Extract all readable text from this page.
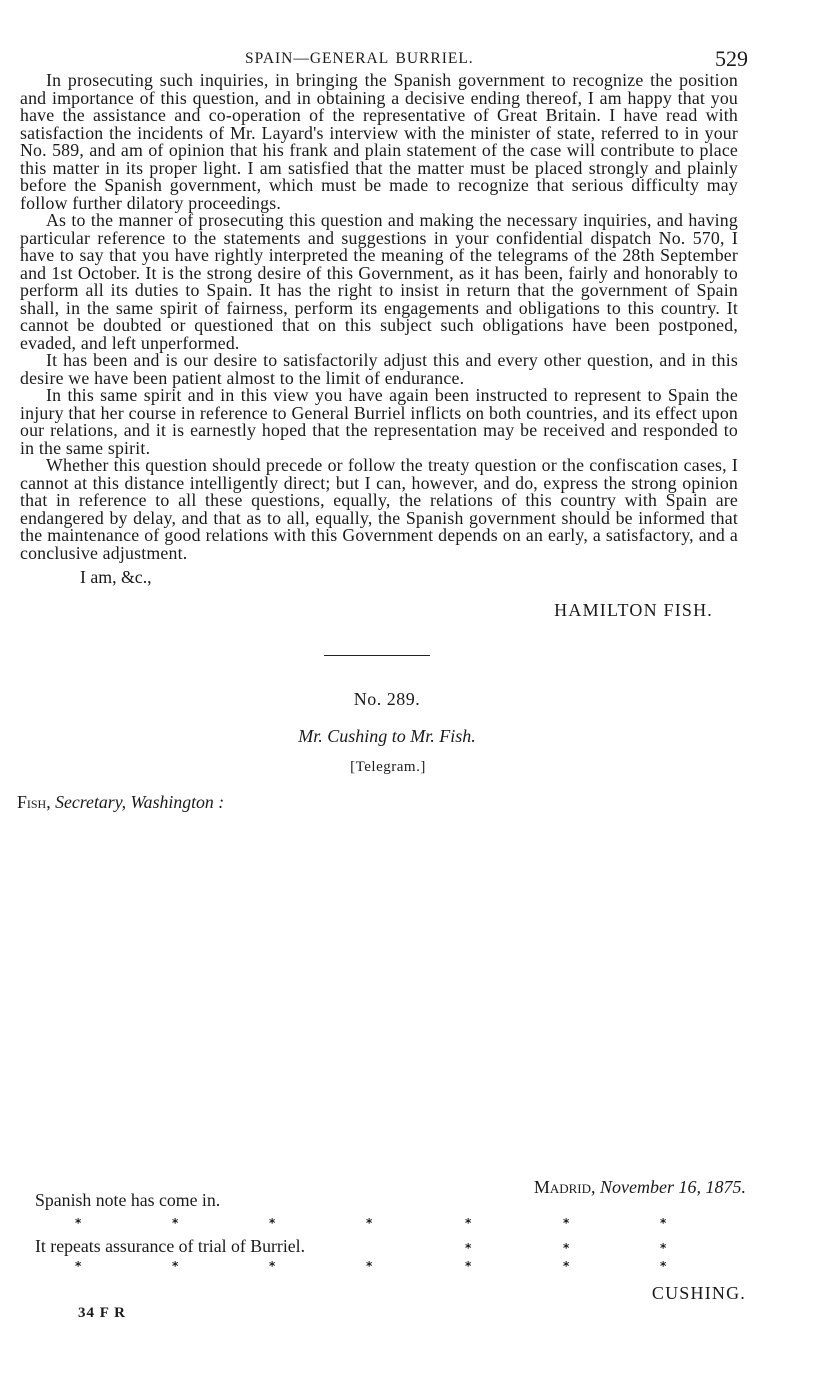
SPAIN—GENERAL BURRIEL.	529

In prosecuting such inquiries, in bringing the Spanish government to recognize the position and importance of this question, and in obtaining a decisive ending thereof, I am happy that you have the assistance and co-operation of the representative of Great Britain. I have read with satisfaction the incidents of Mr. Layard's interview with the minister of state, referred to in your No. 589, and am of opinion that his frank and plain statement of the case will contribute to place this matter in its proper light. I am satisfied that the matter must be placed strongly and plainly before the Spanish government, which must be made to recognize that serious difficulty may follow further dilatory proceedings.

As to the manner of prosecuting this question and making the necessary inquiries, and having particular reference to the statements and suggestions in your confidential dispatch No. 570, I have to say that you have rightly interpreted the meaning of the telegrams of the 28th September and 1st October. It is the strong desire of this Government, as it has been, fairly and honorably to perform all its duties to Spain. It has the right to insist in return that the government of Spain shall, in the same spirit of fairness, perform its engagements and obligations to this country. It cannot be doubted or questioned that on this subject such obligations have been postponed, evaded, and left unperformed.

It has been and is our desire to satisfactorily adjust this and every other question, and in this desire we have been patient almost to the limit of endurance.

In this same spirit and in this view you have again been instructed to represent to Spain the injury that her course in reference to General Burriel inflicts on both countries, and its effect upon our relations, and it is earnestly hoped that the representation may be received and responded to in the same spirit.

Whether this question should precede or follow the treaty question or the confiscation cases, I cannot at this distance intelligently direct; but I can, however, and do, express the strong opinion that in reference to all these questions, equally, the relations of this country with Spain are endangered by delay, and that as to all, equally, the Spanish government should be informed that the maintenance of good relations with this Government depends on an early, a satisfactory, and a conclusive adjustment.

I am, &c.,

HAMILTON FISH.

No. 289.

Mr. Cushing to Mr. Fish.

[Telegram.]

Fish, Secretary, Washington :

Madrid, November 16, 1875.
Spanish note has come in.
*	*	*	*	*	*	*
It repeats assurance of trial of Burriel.	*	*	*
*	*	*	*	*	*	*
CUSHING.
34 F R
